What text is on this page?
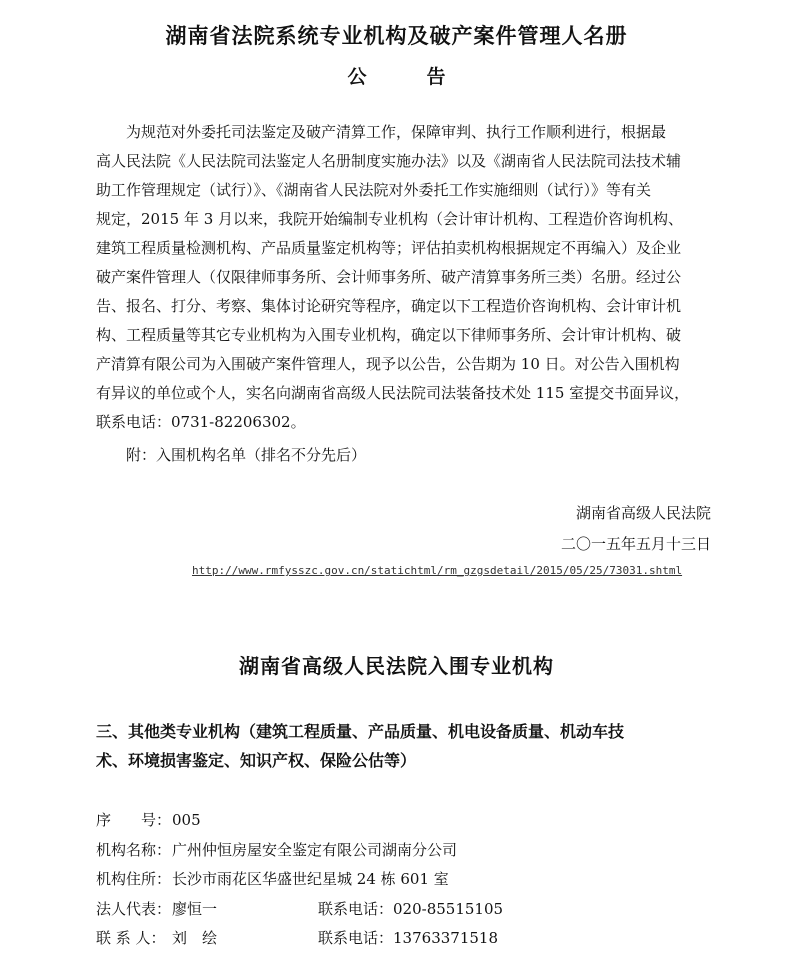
湖南省法院系统专业机构及破产案件管理人名册
公告
为规范对外委托司法鉴定及破产清算工作，保障审判、执行工作顺利进行，根据最
高人民法院《人民法院司法鉴定人名册制度实施办法》以及《湖南省人民法院司法技术辅
助工作管理规定（试行）》、《湖南省人民法院对外委托工作实施细则（试行）》等有关
规定，2015 年 3 月以来，我院开始编制专业机构（会计审计机构、工程造价咨询机构、
建筑工程质量检测机构、产品质量鉴定机构等；评估拍卖机构根据规定不再编入）及企业
破产案件管理人（仅限律师事务所、会计师事务所、破产清算事务所三类）名册。经过公
告、报名、打分、考察、集体讨论研究等程序，确定以下工程造价咨询机构、会计审计机
构、工程质量等其它专业机构为入围专业机构，确定以下律师事务所、会计审计机构、破
产清算有限公司为入围破产案件管理人，现予以公告，公告期为 10 日。对公告入围机构
有异议的单位或个人，实名向湖南省高级人民法院司法装备技术处 115 室提交书面异议，
联系电话：0731-82206302。
附：入围机构名单（排名不分先后）
湖南省高级人民法院
二〇一五年五月十三日
http://www.rmfysszc.gov.cn/statichtml/rm_gzgsdetail/2015/05/25/73031.shtml
湖南省高级人民法院入围专业机构
三、其他类专业机构（建筑工程质量、产品质量、机电设备质量、机动车技
术、环境损害鉴定、知识产权、保险公估等）
序　　号：005
机构名称：广州仲恒房屋安全鉴定有限公司湖南分公司
机构住所：长沙市雨花区华盛世纪星城 24 栋 601 室
法人代表：廖恒一	联系电话：020-85515105
联 系 人： 刘　绘	联系电话：13763371518
